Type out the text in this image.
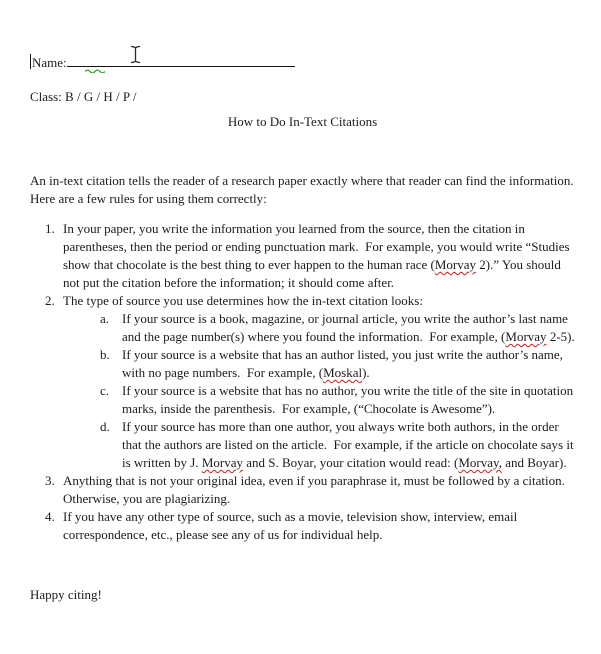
Name:
Class: B / G / H / P /
How to Do In-Text Citations
An in-text citation tells the reader of a research paper exactly where that reader can find the information.  Here are a few rules for using them correctly:
1. In your paper, you write the information you learned from the source, then the citation in parentheses, then the period or ending punctuation mark.  For example, you would write “Studies show that chocolate is the best thing to ever happen to the human race (Morvay 2).” You should not put the citation before the information; it should come after.
2. The type of source you use determines how the in-text citation looks:
a. If your source is a book, magazine, or journal article, you write the author’s last name and the page number(s) where you found the information.  For example, (Morvay 2-5).
b. If your source is a website that has an author listed, you just write the author’s name, with no page numbers.  For example, (Moskal).
c. If your source is a website that has no author, you write the title of the site in quotation marks, inside the parenthesis.  For example, (“Chocolate is Awesome”).
d. If your source has more than one author, you always write both authors, in the order that the authors are listed on the article.  For example, if the article on chocolate says it is written by J. Morvay and S. Boyar, your citation would read: (Morvay, and Boyar).
3. Anything that is not your original idea, even if you paraphrase it, must be followed by a citation.  Otherwise, you are plagiarizing.
4. If you have any other type of source, such as a movie, television show, interview, email correspondence, etc., please see any of us for individual help.
Happy citing!
